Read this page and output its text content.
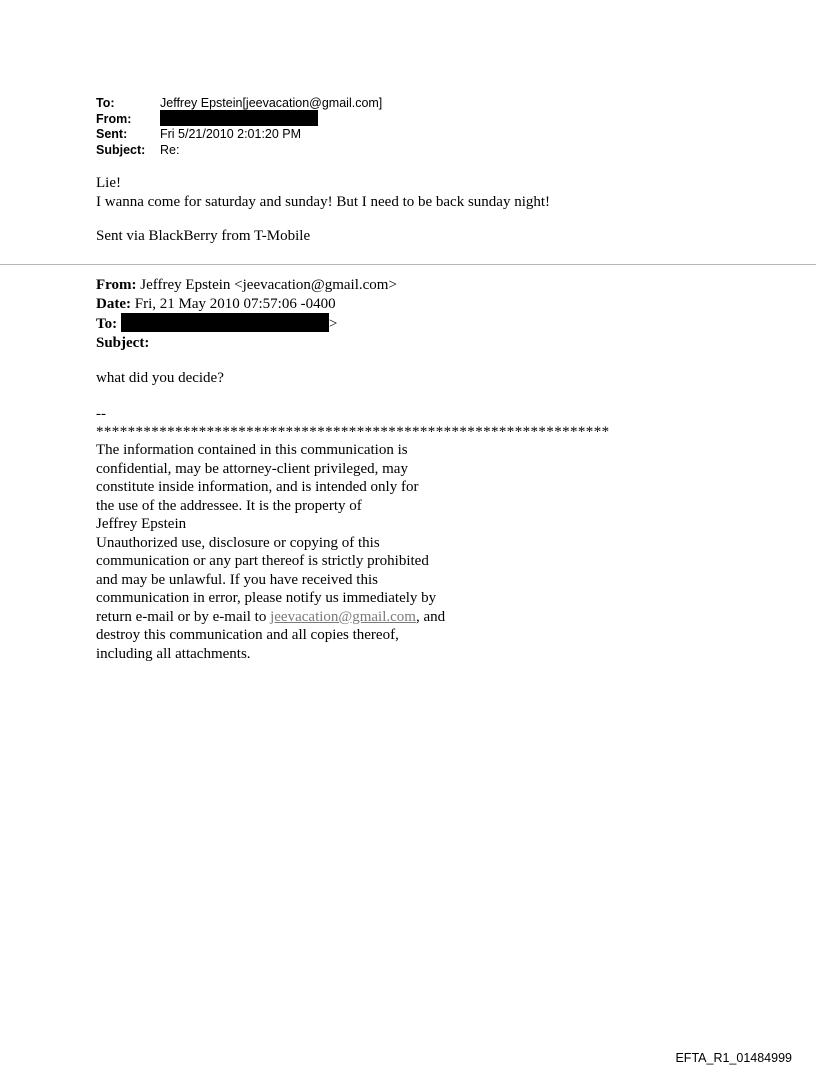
To:	Jeffrey Epstein[jeevacation@gmail.com]
From:
Sent:	Fri 5/21/2010 2:01:20 PM
Subject:	Re:
Lie!
I wanna come for saturday and sunday! But I need to be back sunday night!
Sent via BlackBerry from T-Mobile
From: Jeffrey Epstein <jeevacation@gmail.com>
Date: Fri, 21 May 2010 07:57:06 -0400
To:	>
Subject:
what did you decide?
--
*****************************************************************
The information contained in this communication is
confidential, may be attorney-client privileged, may
constitute inside information, and is intended only for
the use of the addressee. It is the property of
Jeffrey Epstein
Unauthorized use, disclosure or copying of this
communication or any part thereof is strictly prohibited
and may be unlawful. If you have received this
communication in error, please notify us immediately by
return e-mail or by e-mail to jeevacation@gmail.com, and
destroy this communication and all copies thereof,
including all attachments.
EFTA_R1_01484999
